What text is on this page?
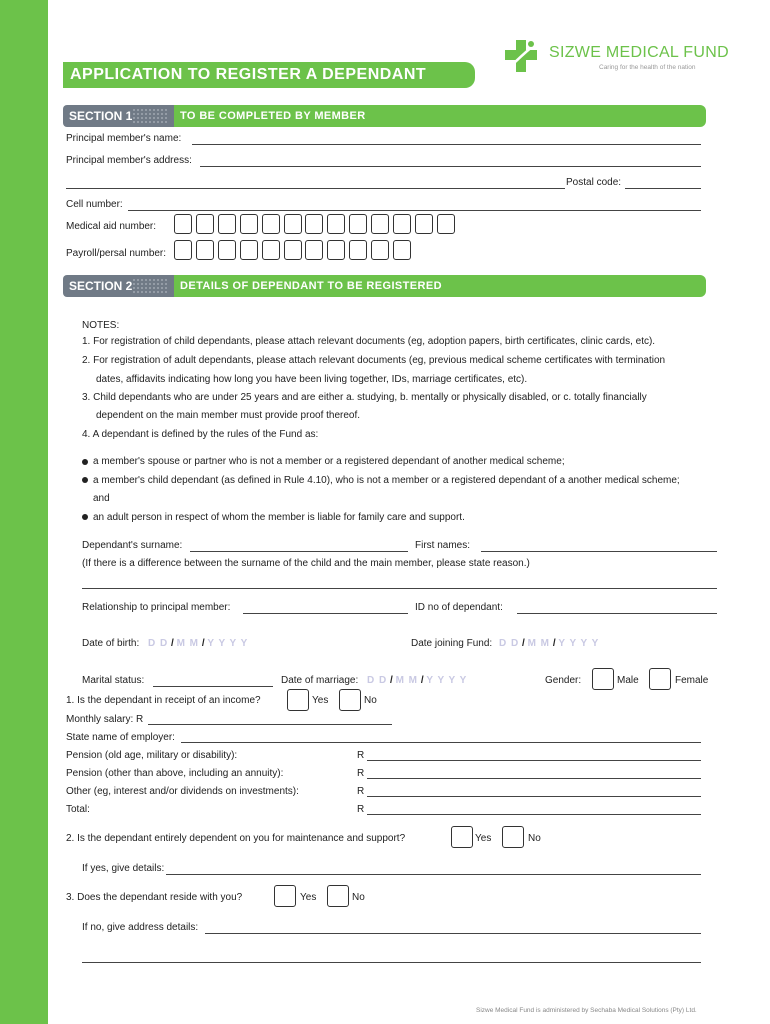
SIZWE MEDICAL FUND
Caring for the health of the nation
APPLICATION TO REGISTER A DEPENDANT
SECTION 1	TO BE COMPLETED BY MEMBER
Principal member's name:
Principal member's address:
Postal code:
Cell number:
Medical aid number:
Payroll/persal number:
SECTION 2	DETAILS OF DEPENDANT TO BE REGISTERED
NOTES:
1. For registration of child dependants, please attach relevant documents (eg, adoption papers, birth certificates, clinic cards, etc).
2. For registration of adult dependants, please attach relevant documents (eg, previous medical scheme certificates with termination
dates, affidavits indicating how long you have been living together, IDs, marriage certificates, etc).
3. Child dependants who are under 25 years and are either a. studying, b. mentally or physically disabled, or c. totally financially
dependent on the main member must provide proof thereof.
4. A dependant is defined by the rules of the Fund as:
a member's spouse or partner who is not a member or a registered dependant of another medical scheme;
a member's child dependant (as defined in Rule 4.10), who is not a member or a registered dependant of a another medical scheme;
and
an adult person in respect of whom the member is liable for family care and support.
Dependant's surname:	First names:
(If there is a difference between the surname of the child and the main member, please state reason.)
Relationship to principal member:	ID no of dependant:
Date of birth: D D / M M / Y Y Y Y	Date joining Fund: D D / M M / Y Y Y Y
Marital status:	Date of marriage: D D / M M / Y Y Y Y	Gender:	Male	Female
1. Is the dependant in receipt of an income?	Yes	No
Monthly salary: R
State name of employer:
Pension (old age, military or disability):	R
Pension (other than above, including an annuity):	R
Other (eg, interest and/or dividends on investments):	R
Total:	R
2. Is the dependant entirely dependent on you for maintenance and support?	Yes	No
If yes, give details:
3. Does the dependant reside with you?	Yes	No
If no, give address details:
Sizwe Medical Fund is administered by Sechaba Medical Solutions (Pty) Ltd.
